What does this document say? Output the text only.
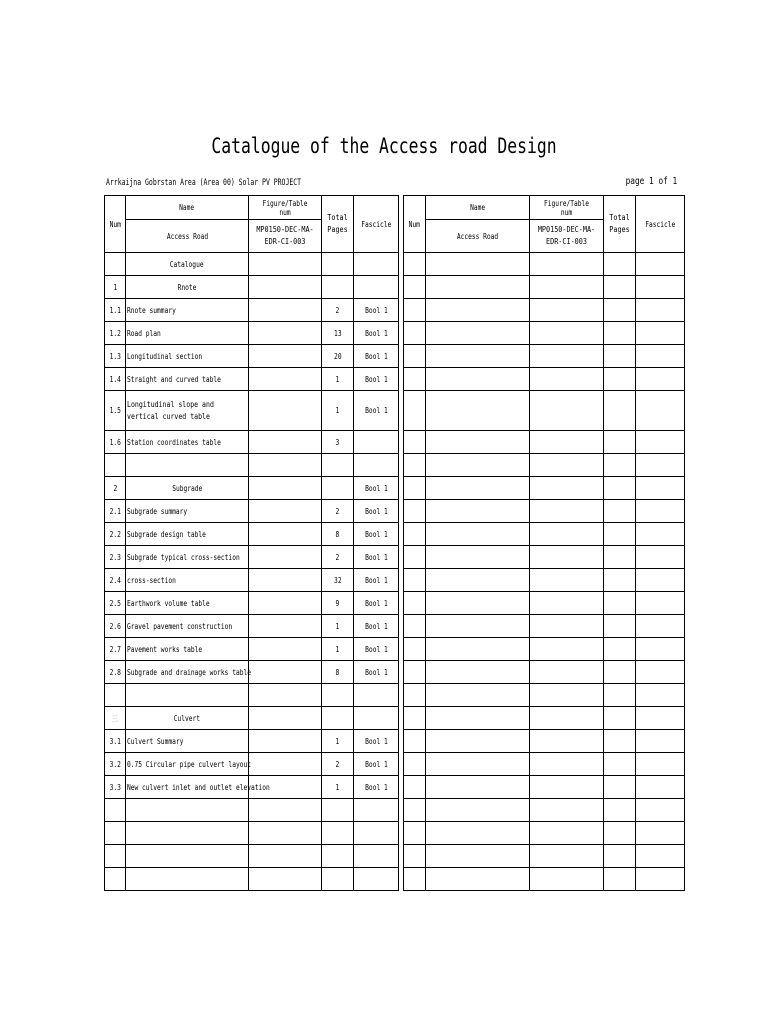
Catalogue of the Access road Design
Arrkaijna Gobrstan Area (Area 00) Solar PV PROJECT	page 1 of 1
Num	Name	Figure/Table num	Total Pages	Fascicle
	Access Road	MP0150-DEC-MA-EDR-CI-003		

	Catalogue			
1	Rnote			
1.1	Rnote summary		2	Bool 1
1.2	Road plan		13	Bool 1
1.3	Longitudinal section		20	Bool 1
1.4	Straight and curved table		1	Bool 1
1.5	Longitudinal slope and vertical curved table		1	Bool 1
1.6	Station coordinates table		3	

2	Subgrade			Bool 1
2.1	Subgrade summary		2	Bool 1
2.2	Subgrade design table		8	Bool 1
2.3	Subgrade typical cross-section		2	Bool 1
2.4	cross-section		32	Bool 1
2.5	Earthwork volume table		9	Bool 1
2.6	Gravel pavement construction		1	Bool 1
2.7	Pavement works table		1	Bool 1
2.8	Subgrade and drainage works table		8	Bool 1

三	Culvert			
3.1	Culvert Summary		1	Bool 1
3.2	0.75 Circular pipe culvert layout		2	Bool 1
3.3	New culvert inlet and outlet elevation		1	Bool 1

Num	Name	Figure/Table num	Total Pages	Fascicle
	Access Road	MP0150-DEC-MA-EDR-CI-003		
